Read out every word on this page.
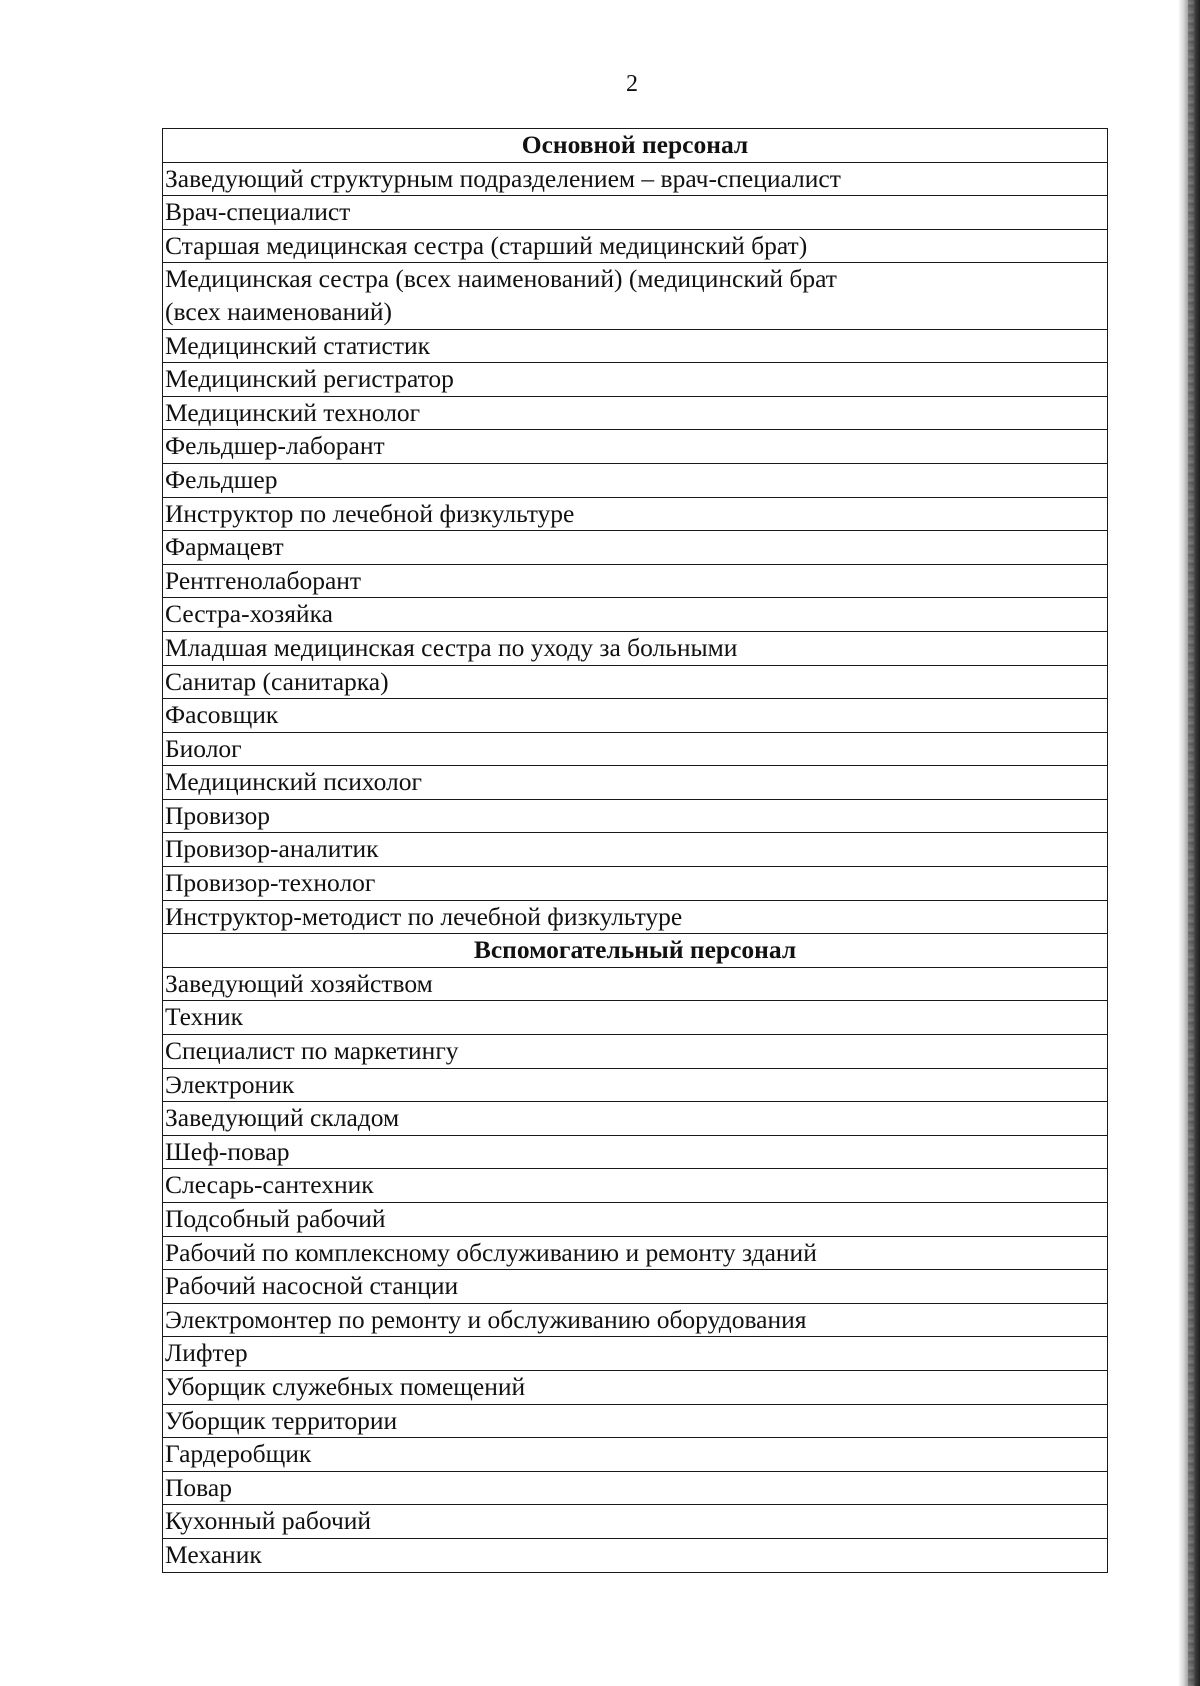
2
Основной персонал
Заведующий структурным подразделением – врач-специалист
Врач-специалист
Старшая медицинская сестра (старший медицинский брат)
Медицинская сестра (всех наименований) (медицинский брат
(всех наименований)
Медицинский статистик
Медицинский регистратор
Медицинский технолог
Фельдшер-лаборант
Фельдшер
Инструктор по лечебной физкультуре
Фармацевт
Рентгенолаборант
Сестра-хозяйка
Младшая медицинская сестра по уходу за больными
Санитар (санитарка)
Фасовщик
Биолог
Медицинский психолог
Провизор
Провизор-аналитик
Провизор-технолог
Инструктор-методист по лечебной физкультуре
Вспомогательный персонал
Заведующий хозяйством
Техник
Специалист по маркетингу
Электроник
Заведующий складом
Шеф-повар
Слесарь-сантехник
Подсобный рабочий
Рабочий по комплексному обслуживанию и ремонту зданий
Рабочий насосной станции
Электромонтер по ремонту и обслуживанию оборудования
Лифтер
Уборщик служебных помещений
Уборщик территории
Гардеробщик
Повар
Кухонный рабочий
Механик
